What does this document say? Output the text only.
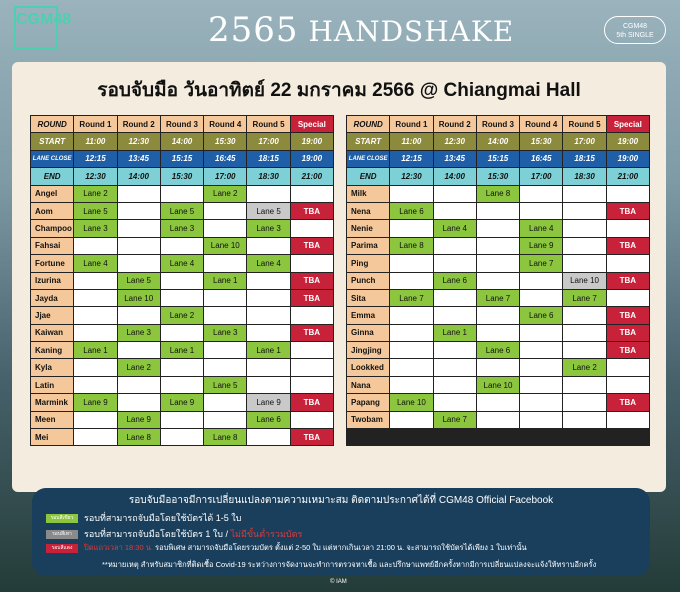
CGM48	2565 HANDSHAKE	CGM48
5th SINGLE
รอบจับมือ วันอาทิตย์ 22 มกราคม 2566 @ Chiangmai Hall
ROUND	Round 1	Round 2	Round 3	Round 4	Round 5	Special
START	11:00	12:30	14:00	15:30	17:00	19:00
LANE CLOSE	12:15	13:45	15:15	16:45	18:15	19:00
END	12:30	14:00	15:30	17:00	18:30	21:00
Angel	Lane 2			Lane 2		
Aom	Lane 5		Lane 5		Lane 5	TBA
Champoo	Lane 3		Lane 3		Lane 3	
Fahsai				Lane 10		TBA
Fortune	Lane 4		Lane 4		Lane 4	
Izurina		Lane 5		Lane 1		TBA
Jayda		Lane 10				TBA
Jjae			Lane 2			
Kaiwan		Lane 3		Lane 3		TBA
Kaning	Lane 1		Lane 1		Lane 1	
Kyla		Lane 2				
Latin				Lane 5		
Marmink	Lane 9		Lane 9		Lane 9	TBA
Meen		Lane 9			Lane 6	
Mei		Lane 8		Lane 8		TBA
ROUND	Round 1	Round 2	Round 3	Round 4	Round 5	Special
START	11:00	12:30	14:00	15:30	17:00	19:00
LANE CLOSE	12:15	13:45	15:15	16:45	18:15	19:00
END	12:30	14:00	15:30	17:00	18:30	21:00
Milk			Lane 8			
Nena	Lane 6					TBA
Nenie		Lane 4		Lane 4		
Parima	Lane 8			Lane 9		TBA
Ping				Lane 7		
Punch		Lane 6			Lane 10	TBA
Sita	Lane 7		Lane 7		Lane 7	
Emma				Lane 6		TBA
Ginna		Lane 1				TBA
Jingjing			Lane 6			TBA
Lookked					Lane 2	
Nana			Lane 10			
Papang	Lane 10					TBA
Twobam		Lane 7				

รอบจับมืออาจมีการเปลี่ยนแปลงตามความเหมาะสม ติดตามประกาศได้ที่ CGM48 Official Facebook
รอบสีเขียว	รอบที่สามารถจับมือโดยใช้บัตรได้ 1-5 ใบ
รอบสีเทา	รอบที่สามารถจับมือโดยใช้บัตร 1 ใบ / ไม่มีขั้นต่ำรวมบัตร
รอบสีแดง	ปิดแถวเวลา 18:30 น. รอบพิเศษ สามารถจับมือโดยรวมบัตร ตั้งแต่ 2-50 ใบ แต่หากเกินเวลา 21:00 น. จะสามารถใช้บัตรได้เพียง 1 ใบเท่านั้น
**หมายเหตุ สำหรับสมาชิกที่ติดเชื้อ Covid-19 ระหว่างการจัดงานจะทำการตรวจหาเชื้อ และปรึกษาแพทย์อีกครั้งหากมีการเปลี่ยนแปลงจะแจ้งให้ทราบอีกครั้ง
© IAM
